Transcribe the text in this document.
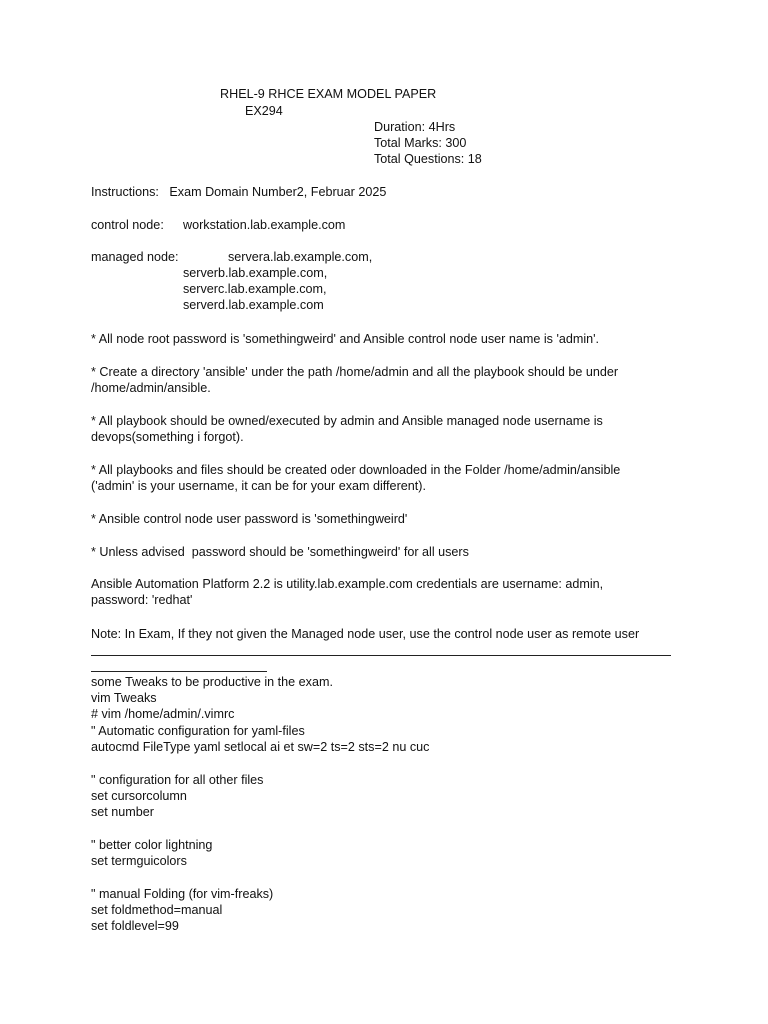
RHEL-9 RHCE EXAM MODEL PAPER
EX294
Duration: 4Hrs
Total Marks: 300
Total Questions: 18
Instructions:   Exam Domain Number2, Februar 2025
control node: workstation.lab.example.com
managed node:	servera.lab.example.com,
serverb.lab.example.com,
serverc.lab.example.com,
serverd.lab.example.com
* All node root password is 'somethingweird' and Ansible control node user name is 'admin'.
* Create a directory 'ansible' under the path /home/admin and all the playbook should be under
/home/admin/ansible.
* All playbook should be owned/executed by admin and Ansible managed node username is
devops(something i forgot).
* All playbooks and files should be created oder downloaded in the Folder /home/admin/ansible
('admin' is your username, it can be for your exam different).
* Ansible control node user password is 'somethingweird'
* Unless advised  password should be 'somethingweird' for all users
Ansible Automation Platform 2.2 is utility.lab.example.com credentials are username: admin,
password: 'redhat'
Note: In Exam, If they not given the Managed node user, use the control node user as remote user
some Tweaks to be productive in the exam.
vim Tweaks
# vim /home/admin/.vimrc
" Automatic configuration for yaml-files
autocmd FileType yaml setlocal ai et sw=2 ts=2 sts=2 nu cuc
" configuration for all other files
set cursorcolumn
set number
" better color lightning
set termguicolors
" manual Folding (for vim-freaks)
set foldmethod=manual
set foldlevel=99
